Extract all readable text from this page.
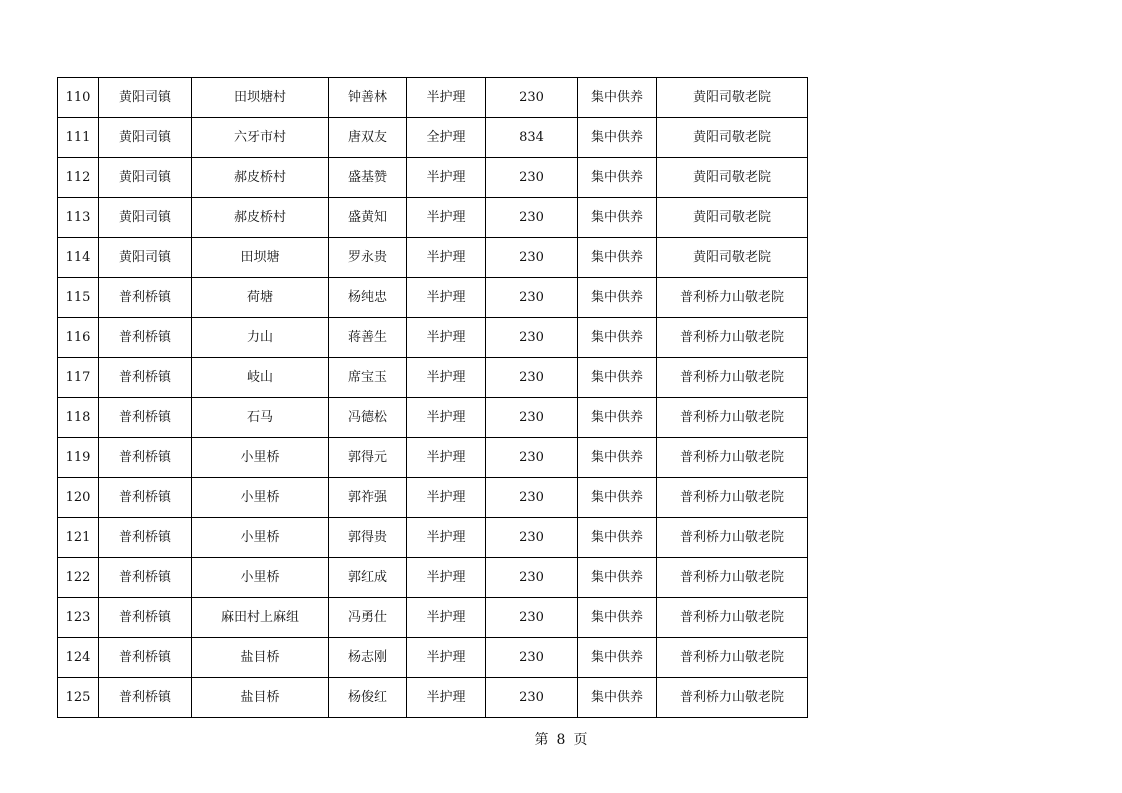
110	黄阳司镇	田坝塘村	钟善林	半护理	230	集中供养	黄阳司敬老院
111	黄阳司镇	六牙市村	唐双友	全护理	834	集中供养	黄阳司敬老院
112	黄阳司镇	郝皮桥村	盛基赞	半护理	230	集中供养	黄阳司敬老院
113	黄阳司镇	郝皮桥村	盛黄知	半护理	230	集中供养	黄阳司敬老院
114	黄阳司镇	田坝塘	罗永贵	半护理	230	集中供养	黄阳司敬老院
115	普利桥镇	荷塘	杨纯忠	半护理	230	集中供养	普利桥力山敬老院
116	普利桥镇	力山	蒋善生	半护理	230	集中供养	普利桥力山敬老院
117	普利桥镇	岐山	席宝玉	半护理	230	集中供养	普利桥力山敬老院
118	普利桥镇	石马	冯德松	半护理	230	集中供养	普利桥力山敬老院
119	普利桥镇	小里桥	郭得元	半护理	230	集中供养	普利桥力山敬老院
120	普利桥镇	小里桥	郭祚强	半护理	230	集中供养	普利桥力山敬老院
121	普利桥镇	小里桥	郭得贵	半护理	230	集中供养	普利桥力山敬老院
122	普利桥镇	小里桥	郭红成	半护理	230	集中供养	普利桥力山敬老院
123	普利桥镇	麻田村上麻组	冯勇仕	半护理	230	集中供养	普利桥力山敬老院
124	普利桥镇	盐目桥	杨志刚	半护理	230	集中供养	普利桥力山敬老院
125	普利桥镇	盐目桥	杨俊红	半护理	230	集中供养	普利桥力山敬老院
第 8 页
